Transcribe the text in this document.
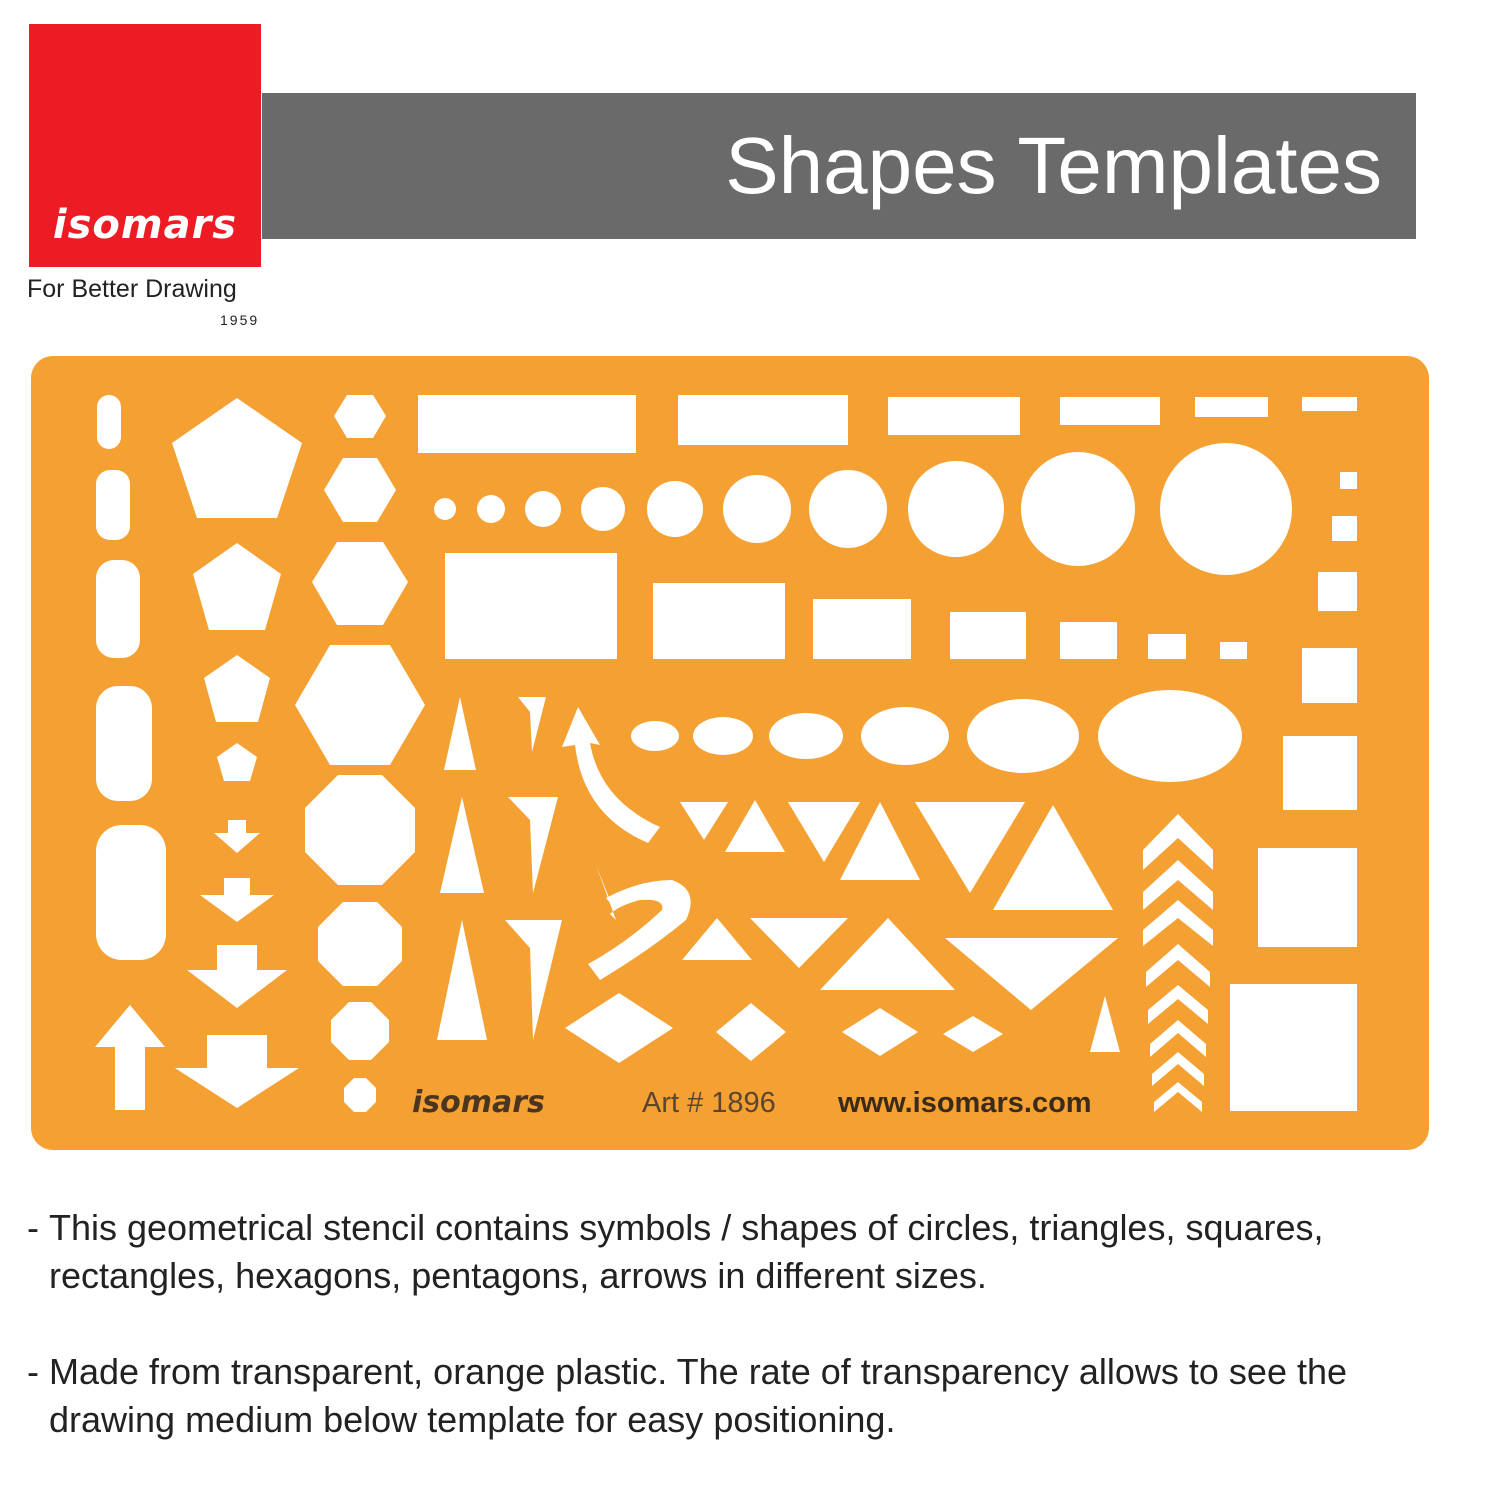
isomars
For Better Drawing
1959
Shapes Templates
isomars	Art # 1896 www.isomars.com
- This geometrical stencil contains symbols / shapes of circles, triangles, squares, rectangles, hexagons, pentagons, arrows in different sizes.
- Made from transparent, orange plastic. The rate of transparency allows to see the drawing medium below template for easy positioning.
